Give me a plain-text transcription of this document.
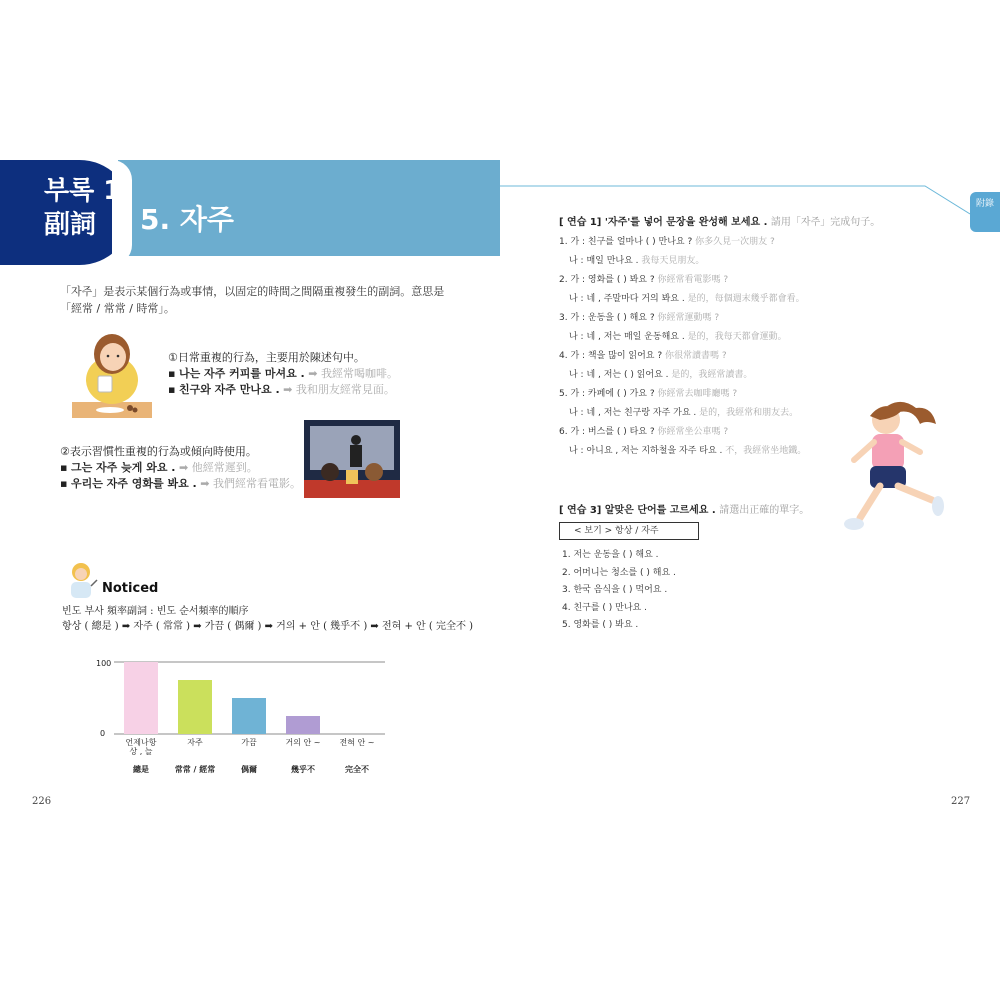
부록 1
副詞	5. 자주	附錄
「자주」是表示某個行為或事情，以固定的時間之間隔重複發生的副詞。意思是「經常 / 常常 / 時常」。
①日常重複的行為，主要用於陳述句中。
▪ 나는 자주 커피를 마셔요 . ➡ 我經常喝咖啡。
▪ 친구와 자주 만나요 . ➡ 我和朋友經常見面。
②表示習慣性重複的行為或傾向時使用。
▪ 그는 자주 늦게 와요 . ➡ 他經常遲到。
▪ 우리는 자주 영화를 봐요 . ➡ 我們經常看電影。
Noticed
빈도 부사 頻率副詞 : 빈도 순서頻率的順序
항상 ( 總是 ) ➡ 자주 ( 常常 ) ➡ 가끔 ( 偶爾 ) ➡ 거의 + 안 ( 幾乎不 ) ➡ 전혀 + 안 ( 完全不 )
100
0
언제나항
상 , 늘
總是
자주
常常 / 經常
가끔
偶爾
거의 안 ~
幾乎不
전혀 안 ~
完全不
226	227
[ 연습 1] '자주'를 넣어 문장을 완성해 보세요 . 請用「자주」完成句子。
1. 가 : 친구를 얼마나 ( ) 만나요 ? 你多久見一次朋友 ?
나 : 매일 만나요 . 我每天見朋友。
2. 가 : 영화를 ( ) 봐요 ? 你經常看電影嗎 ?
나 : 네 , 주말마다 거의 봐요 . 是的，每個週末幾乎都會看。
3. 가 : 운동을 ( ) 해요 ? 你經常運動嗎 ?
나 : 네 , 저는 매일 운동해요 . 是的，我每天都會運動。
4. 가 : 책을 많이 읽어요 ? 你很常讀書嗎 ?
나 : 네 , 저는 ( ) 읽어요 . 是的，我經常讀書。
5. 가 : 카페에 ( ) 가요 ? 你經常去咖啡廳嗎 ?
나 : 네 , 저는 친구랑 자주 가요 . 是的，我經常和朋友去。
6. 가 : 버스를 ( ) 타요 ? 你經常坐公車嗎 ?
나 : 아니요 , 저는 지하철을 자주 타요 . 不，我經常坐地鐵。
[ 연습 3] 알맞은 단어를 고르세요 . 請選出正確的單字。
< 보기 > 항상 / 자주
1. 저는 운동을 ( ) 해요 .
2. 어머니는 청소를 ( ) 해요 .
3. 한국 음식을 ( ) 먹어요 .
4. 친구를 ( ) 만나요 .
5. 영화를 ( ) 봐요 .
